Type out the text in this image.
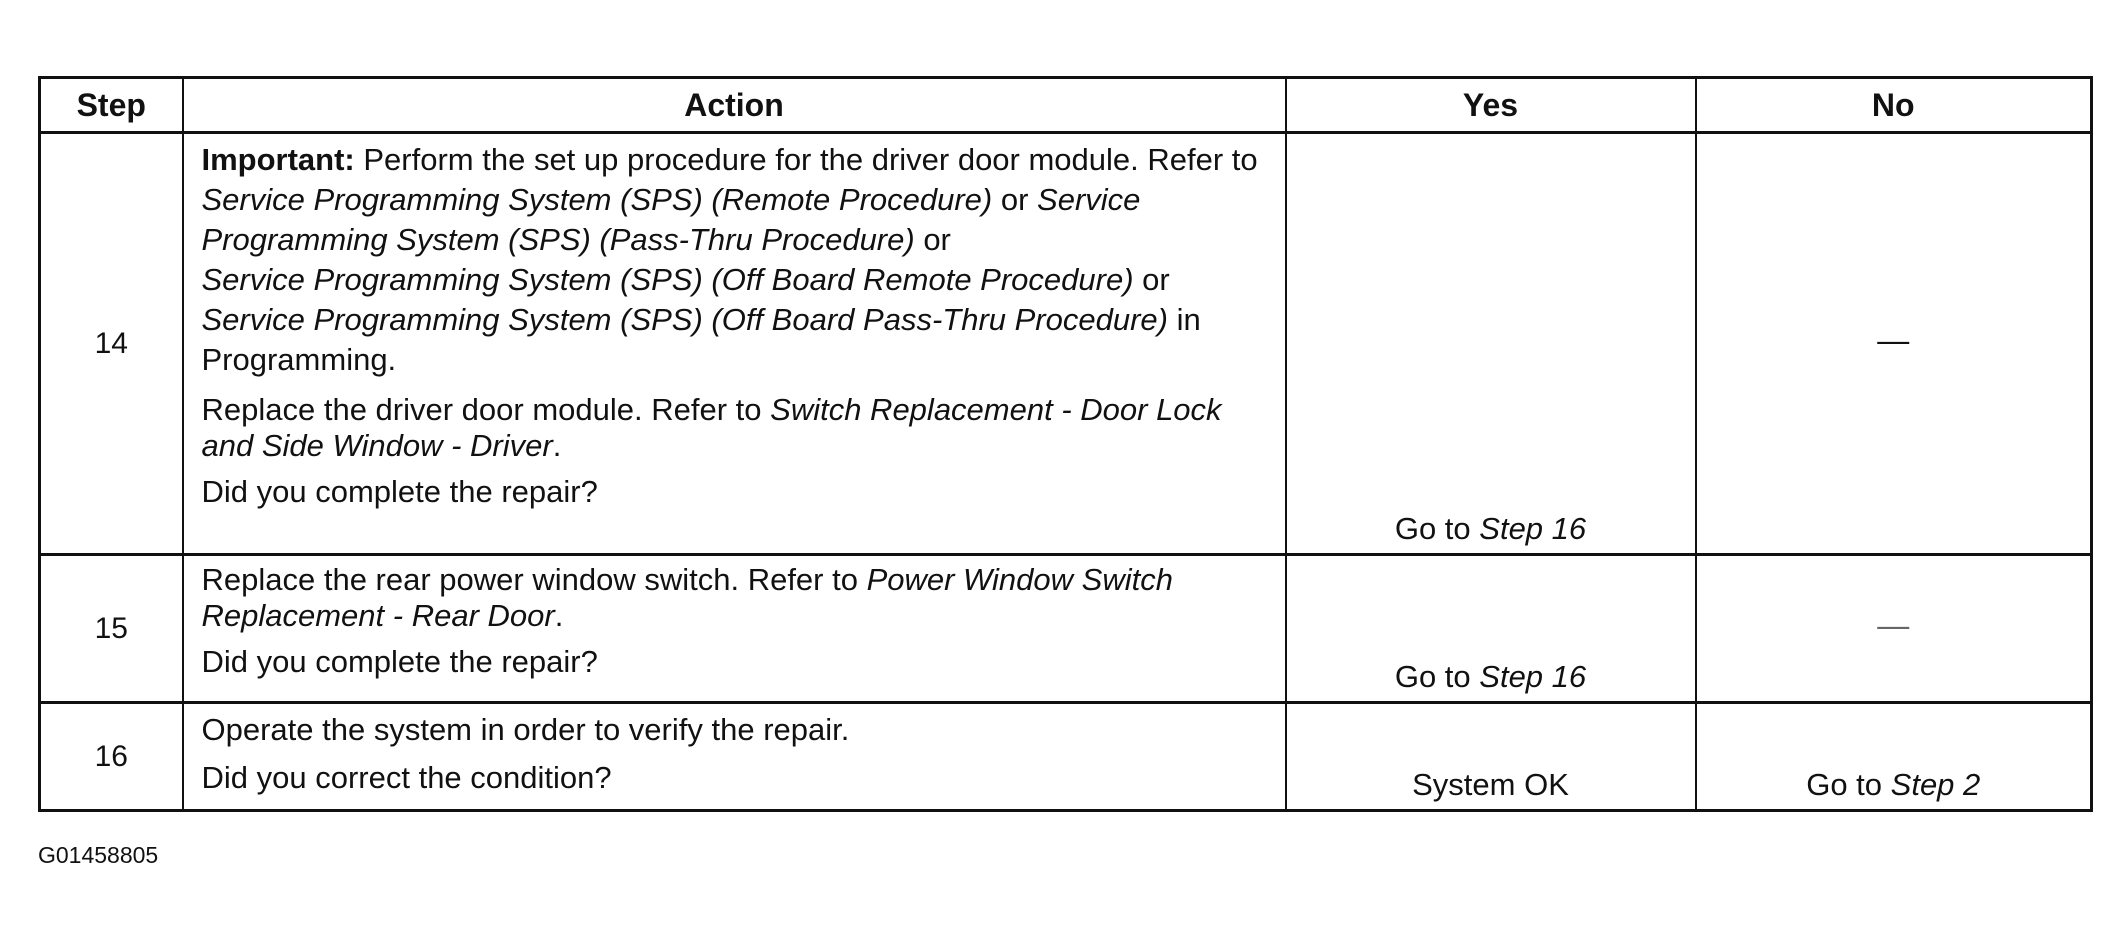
Step	Action	Yes	No
14	Important: Perform the set up procedure for the driver door module. Refer to Service Programming System (SPS) (Remote Procedure) or Service Programming System (SPS) (Pass-Thru Procedure) or
Service Programming System (SPS) (Off Board Remote Procedure) or
Service Programming System (SPS) (Off Board Pass-Thru Procedure) in Programming.

Replace the driver door module. Refer to Switch Replacement - Door Lock and Side Window - Driver.

Did you complete the repair?	Go to Step 16	—
15	Replace the rear power window switch. Refer to Power Window Switch Replacement - Rear Door.

Did you complete the repair?	Go to Step 16	—
16	Operate the system in order to verify the repair.

Did you correct the condition?	System OK	Go to Step 2
G01458805
